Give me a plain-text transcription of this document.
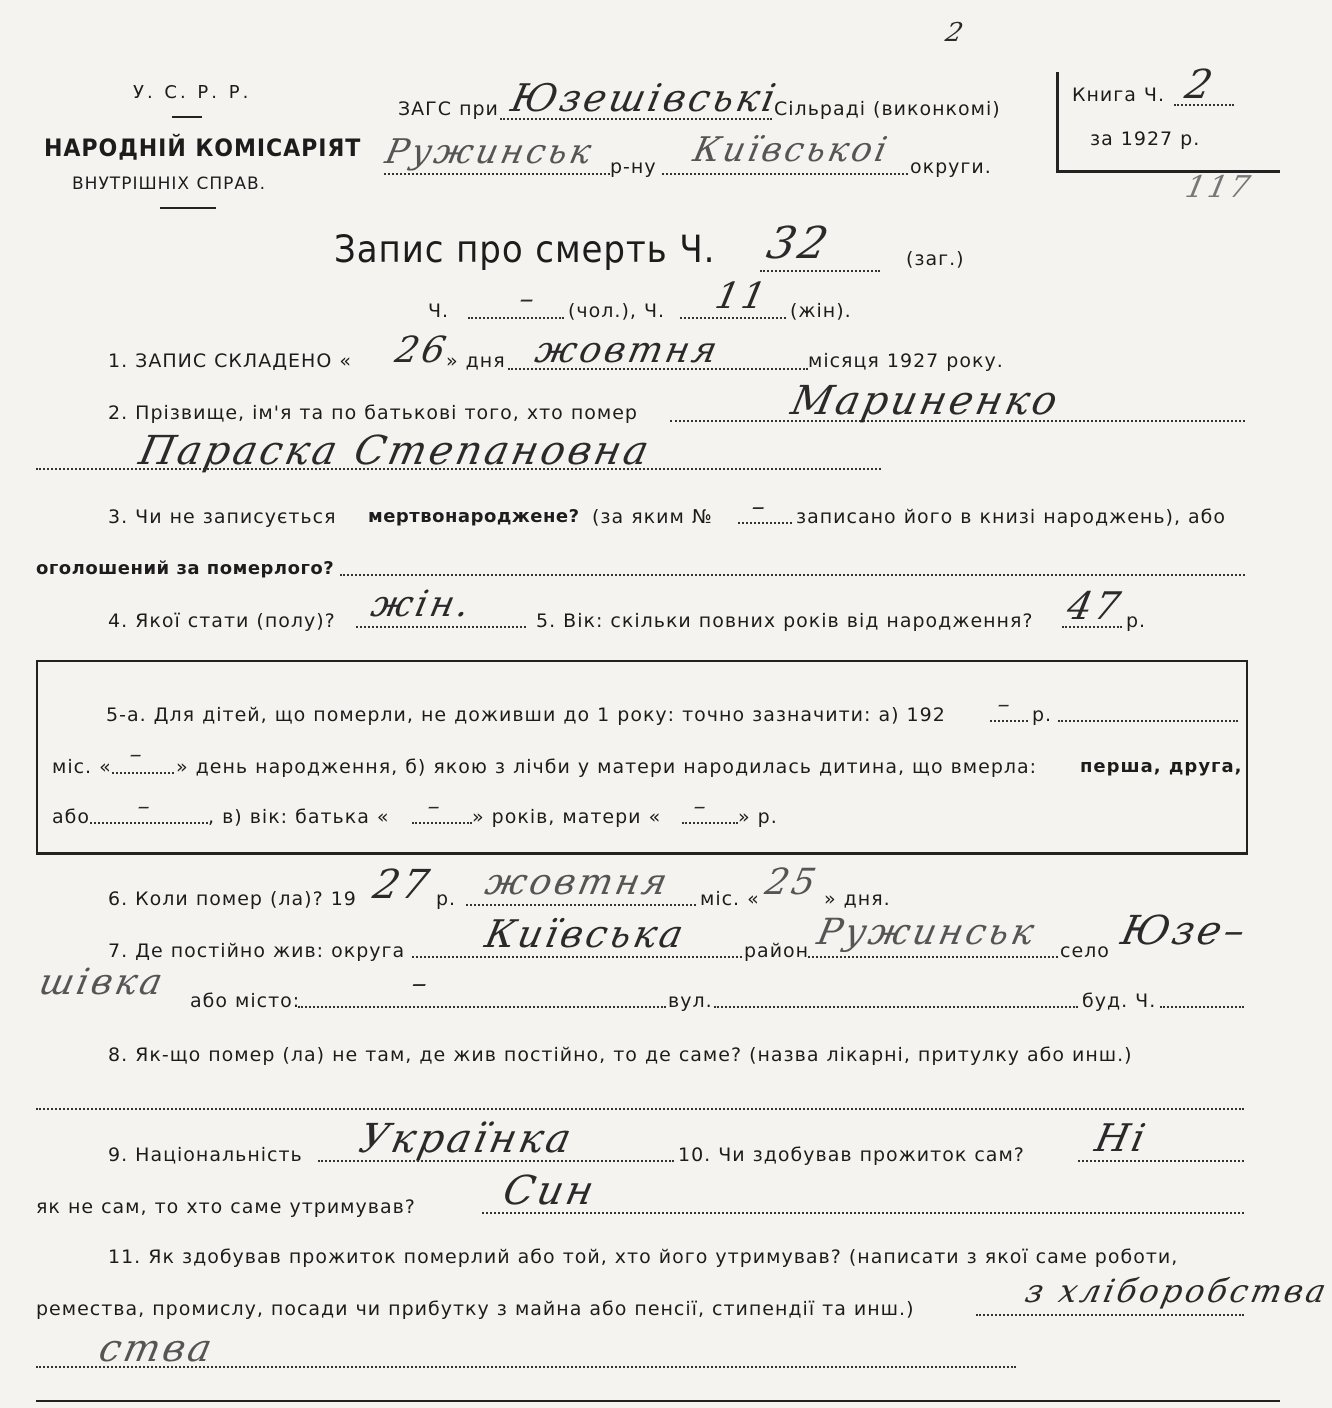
У. С. Р. Р.
НАРОДНІЙ КОМІСАРІЯТ
ВНУТРІШНІХ СПРАВ.
ЗАГС при Юзешівські
Сільраді (виконкомі)
Ружинськ р-ну Київськоі округи.
2
Книга Ч. 2
за 1927 р.
117
Запис про смерть Ч. 32	(заг.)
Ч. – (чол.), Ч. 11 (жін).
1. ЗАПИС СКЛАДЕНО « 26
» дня жовтня	місяця 1927 року.
2. Прізвище, ім'я та по батькові того, хто помер	Мариненко
Параска Степановна
3. Чи не записується мертвонароджене? (за яким № – записано його в книзі народжень), або
оголошений за померлого?
4. Якої стати (полу)? жін.	5. Вік: скільки повних років від народження? 47
р.
5-а. Для дітей, що померли, не доживши до 1 року: точно зазначити: а) 192 – р.
міс. « – » день народження, б) якою з лічби у матери народилась дитина, що вмерла: перша, друга,
або –	, в) вік: батька « – » років, матери « – » р.
6. Коли помер (ла)? 19 27 р. жовтня міс. « 25 » дня.
7. Де постійно жив: округа Київська	район Ружинськ село Юзе–
шівка або місто:	–	вул.	буд. Ч.
8. Як-що помер (ла) не там, де жив постійно, то де саме? (назва лікарні, притулку або инш.)
9. Національність Українка	10. Чи здобував прожиток сам? Ні
як не сам, то хто саме утримував? Син
11. Як здобував прожиток померлий або той, хто його утримував? (написати з якої саме роботи,
ремества, промислу, посади чи прибутку з майна або пенсії, стипендії та инш.)	з хліборобства
ства
